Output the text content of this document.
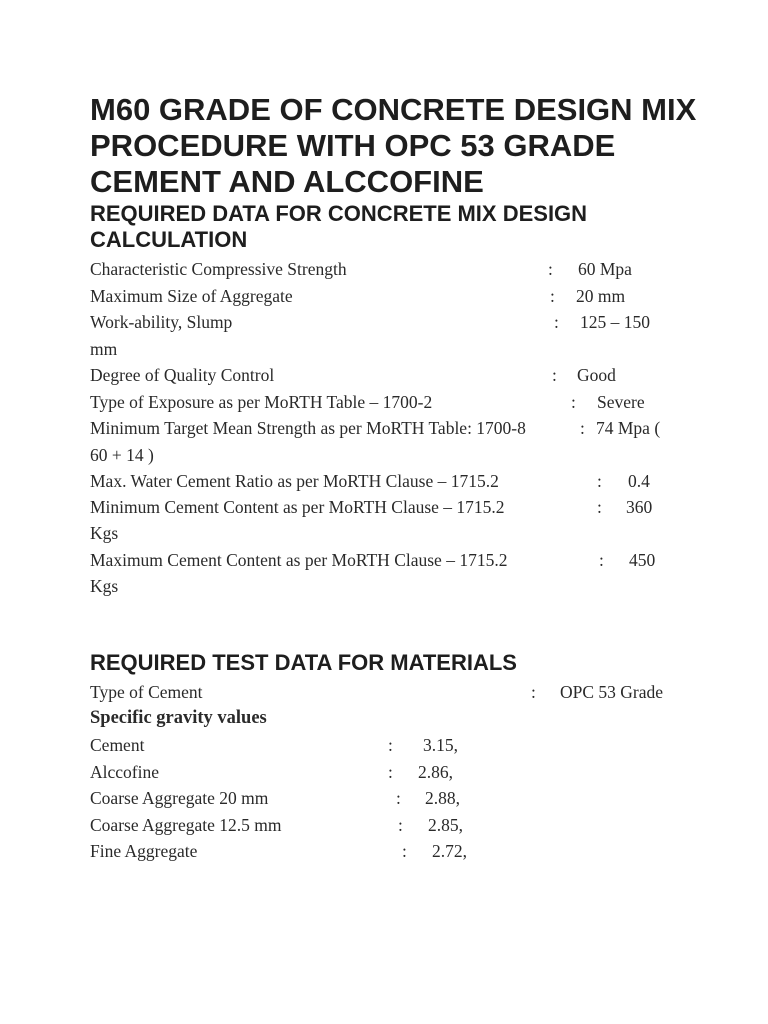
M60 GRADE OF CONCRETE DESIGN MIX PROCEDURE WITH OPC 53 GRADE CEMENT AND ALCCOFINE
REQUIRED DATA FOR CONCRETE MIX DESIGN CALCULATION
Characteristic Compressive Strength	: 60 Mpa
Maximum Size of Aggregate	: 20 mm
Work-ability, Slump	: 125 – 150
mm
Degree of Quality Control	: Good
Type of Exposure as per MoRTH Table – 1700-2	: Severe
Minimum Target Mean Strength as per MoRTH Table: 1700-8	: 74 Mpa (
60 + 14 )
Max. Water Cement Ratio as per MoRTH Clause – 1715.2	: 0.4
Minimum Cement Content as per MoRTH Clause – 1715.2	: 360
Kgs
Maximum Cement Content as per MoRTH Clause – 1715.2	: 450
Kgs
REQUIRED TEST DATA FOR MATERIALS
Type of Cement	: OPC 53 Grade
Specific gravity values
Cement	: 3.15,
Alccofine	: 2.86,
Coarse Aggregate 20 mm	: 2.88,
Coarse Aggregate 12.5 mm	: 2.85,
Fine Aggregate	: 2.72,
